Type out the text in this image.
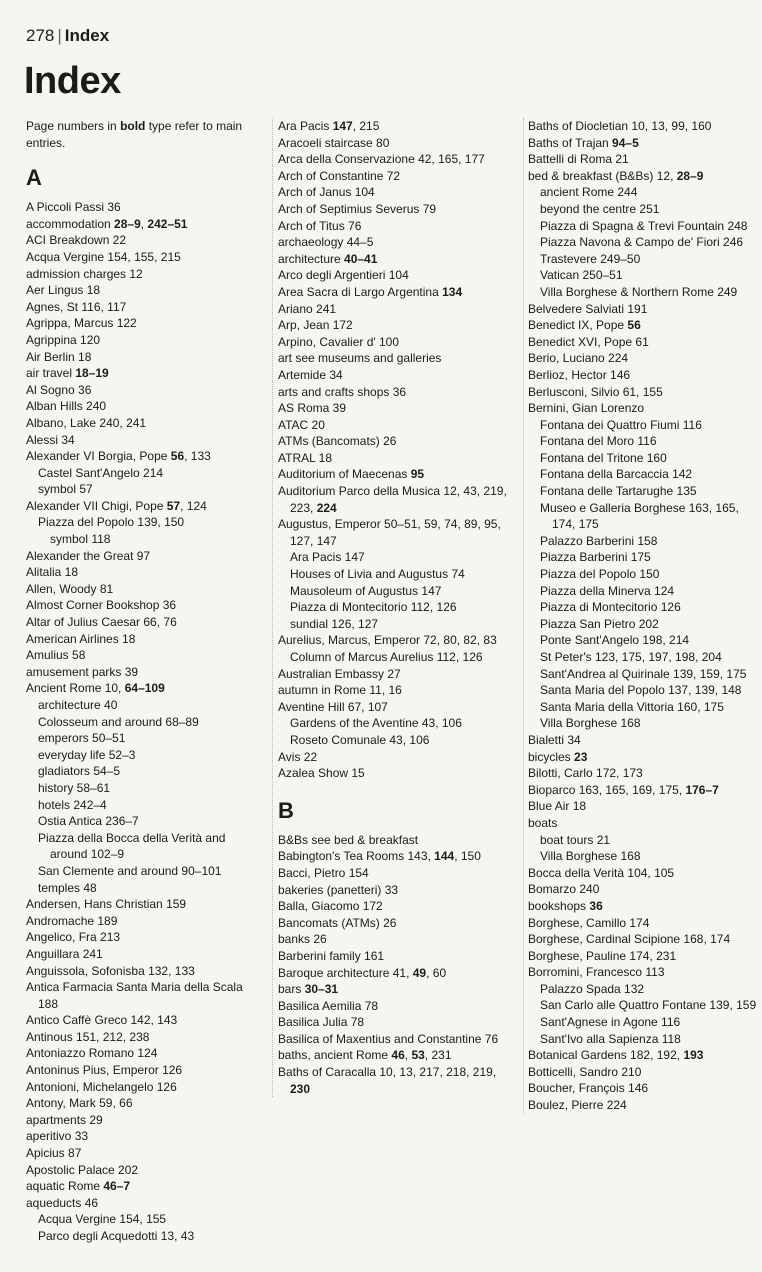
278 | Index
Index
Page numbers in bold type refer to main entries.
A
A Piccoli Passi 36
accommodation 28–9, 242–51
ACI Breakdown 22
Acqua Vergine 154, 155, 215
admission charges 12
Aer Lingus 18
Agnes, St 116, 117
Agrippa, Marcus 122
Agrippina 120
Air Berlin 18
air travel 18–19
Al Sogno 36
Alban Hills 240
Albano, Lake 240, 241
Alessi 34
Alexander VI Borgia, Pope 56, 133
Castel Sant'Angelo 214
symbol 57
Alexander VII Chigi, Pope 57, 124
Piazza del Popolo 139, 150
symbol 118
Alexander the Great 97
Alitalia 18
Allen, Woody 81
Almost Corner Bookshop 36
Altar of Julius Caesar 66, 76
American Airlines 18
Amulius 58
amusement parks 39
Ancient Rome 10, 64–109
architecture 40
Colosseum and around 68–89
emperors 50–51
everyday life 52–3
gladiators 54–5
history 58–61
hotels 242–4
Ostia Antica 236–7
Piazza della Bocca della Verità and around 102–9
San Clemente and around 90–101
temples 48
Andersen, Hans Christian 159
Andromache 189
Angelico, Fra 213
Anguillara 241
Anguissola, Sofonisba 132, 133
Antica Farmacia Santa Maria della Scala 188
Antico Caffè Greco 142, 143
Antinous 151, 212, 238
Antoniazzo Romano 124
Antoninus Pius, Emperor 126
Antonioni, Michelangelo 126
Antony, Mark 59, 66
apartments 29
aperitivo 33
Apicius 87
Apostolic Palace 202
aquatic Rome 46–7
aqueducts 46
Acqua Vergine 154, 155
Parco degli Acquedotti 13, 43
Ara Pacis 147, 215
Aracoeli staircase 80
Arca della Conservazione 42, 165, 177
Arch of Constantine 72
Arch of Janus 104
Arch of Septimius Severus 79
Arch of Titus 76
archaeology 44–5
architecture 40–41
Arco degli Argentieri 104
Area Sacra di Largo Argentina 134
Ariano 241
Arp, Jean 172
Arpino, Cavalier d' 100
art see museums and galleries
Artemide 34
arts and crafts shops 36
AS Roma 39
ATAC 20
ATMs (Bancomats) 26
ATRAL 18
Auditorium of Maecenas 95
Auditorium Parco della Musica 12, 43, 219, 223, 224
Augustus, Emperor 50–51, 59, 74, 89, 95, 127, 147
Ara Pacis 147
Houses of Livia and Augustus 74
Mausoleum of Augustus 147
Piazza di Montecitorio 112, 126
sundial 126, 127
Aurelius, Marcus, Emperor 72, 80, 82, 83
Column of Marcus Aurelius 112, 126
Australian Embassy 27
autumn in Rome 11, 16
Aventine Hill 67, 107
Gardens of the Aventine 43, 106
Roseto Comunale 43, 106
Avis 22
Azalea Show 15
B
B&Bs see bed & breakfast
Babington's Tea Rooms 143, 144, 150
Bacci, Pietro 154
bakeries (panetteri) 33
Balla, Giacomo 172
Bancomats (ATMs) 26
banks 26
Barberini family 161
Baroque architecture 41, 49, 60
bars 30–31
Basilica Aemilia 78
Basilica Julia 78
Basilica of Maxentius and Constantine 76
baths, ancient Rome 46, 53, 231
Baths of Caracalla 10, 13, 217, 218, 219, 230
Baths of Diocletian 10, 13, 99, 160
Baths of Trajan 94–5
Battelli di Roma 21
bed & breakfast (B&Bs) 12, 28–9
ancient Rome 244
beyond the centre 251
Piazza di Spagna & Trevi Fountain 248
Piazza Navona & Campo de' Fiori 246
Trastevere 249–50
Vatican 250–51
Villa Borghese & Northern Rome 249
Belvedere Salviati 191
Benedict IX, Pope 56
Benedict XVI, Pope 61
Berio, Luciano 224
Berlioz, Hector 146
Berlusconi, Silvio 61, 155
Bernini, Gian Lorenzo
Fontana dei Quattro Fiumi 116
Fontana del Moro 116
Fontana del Tritone 160
Fontana della Barcaccia 142
Fontana delle Tartarughe 135
Museo e Galleria Borghese 163, 165, 174, 175
Palazzo Barberini 158
Piazza Barberini 175
Piazza del Popolo 150
Piazza della Minerva 124
Piazza di Montecitorio 126
Piazza San Pietro 202
Ponte Sant'Angelo 198, 214
St Peter's 123, 175, 197, 198, 204
Sant'Andrea al Quirinale 139, 159, 175
Santa Maria del Popolo 137, 139, 148
Santa Maria della Vittoria 160, 175
Villa Borghese 168
Bialetti 34
bicycles 23
Bilotti, Carlo 172, 173
Bioparco 163, 165, 169, 175, 176–7
Blue Air 18
boats
boat tours 21
Villa Borghese 168
Bocca della Verità 104, 105
Bomarzo 240
bookshops 36
Borghese, Camillo 174
Borghese, Cardinal Scipione 168, 174
Borghese, Pauline 174, 231
Borromini, Francesco 113
Palazzo Spada 132
San Carlo alle Quattro Fontane 139, 159
Sant'Agnese in Agone 116
Sant'Ivo alla Sapienza 118
Botanical Gardens 182, 192, 193
Botticelli, Sandro 210
Boucher, François 146
Boulez, Pierre 224
